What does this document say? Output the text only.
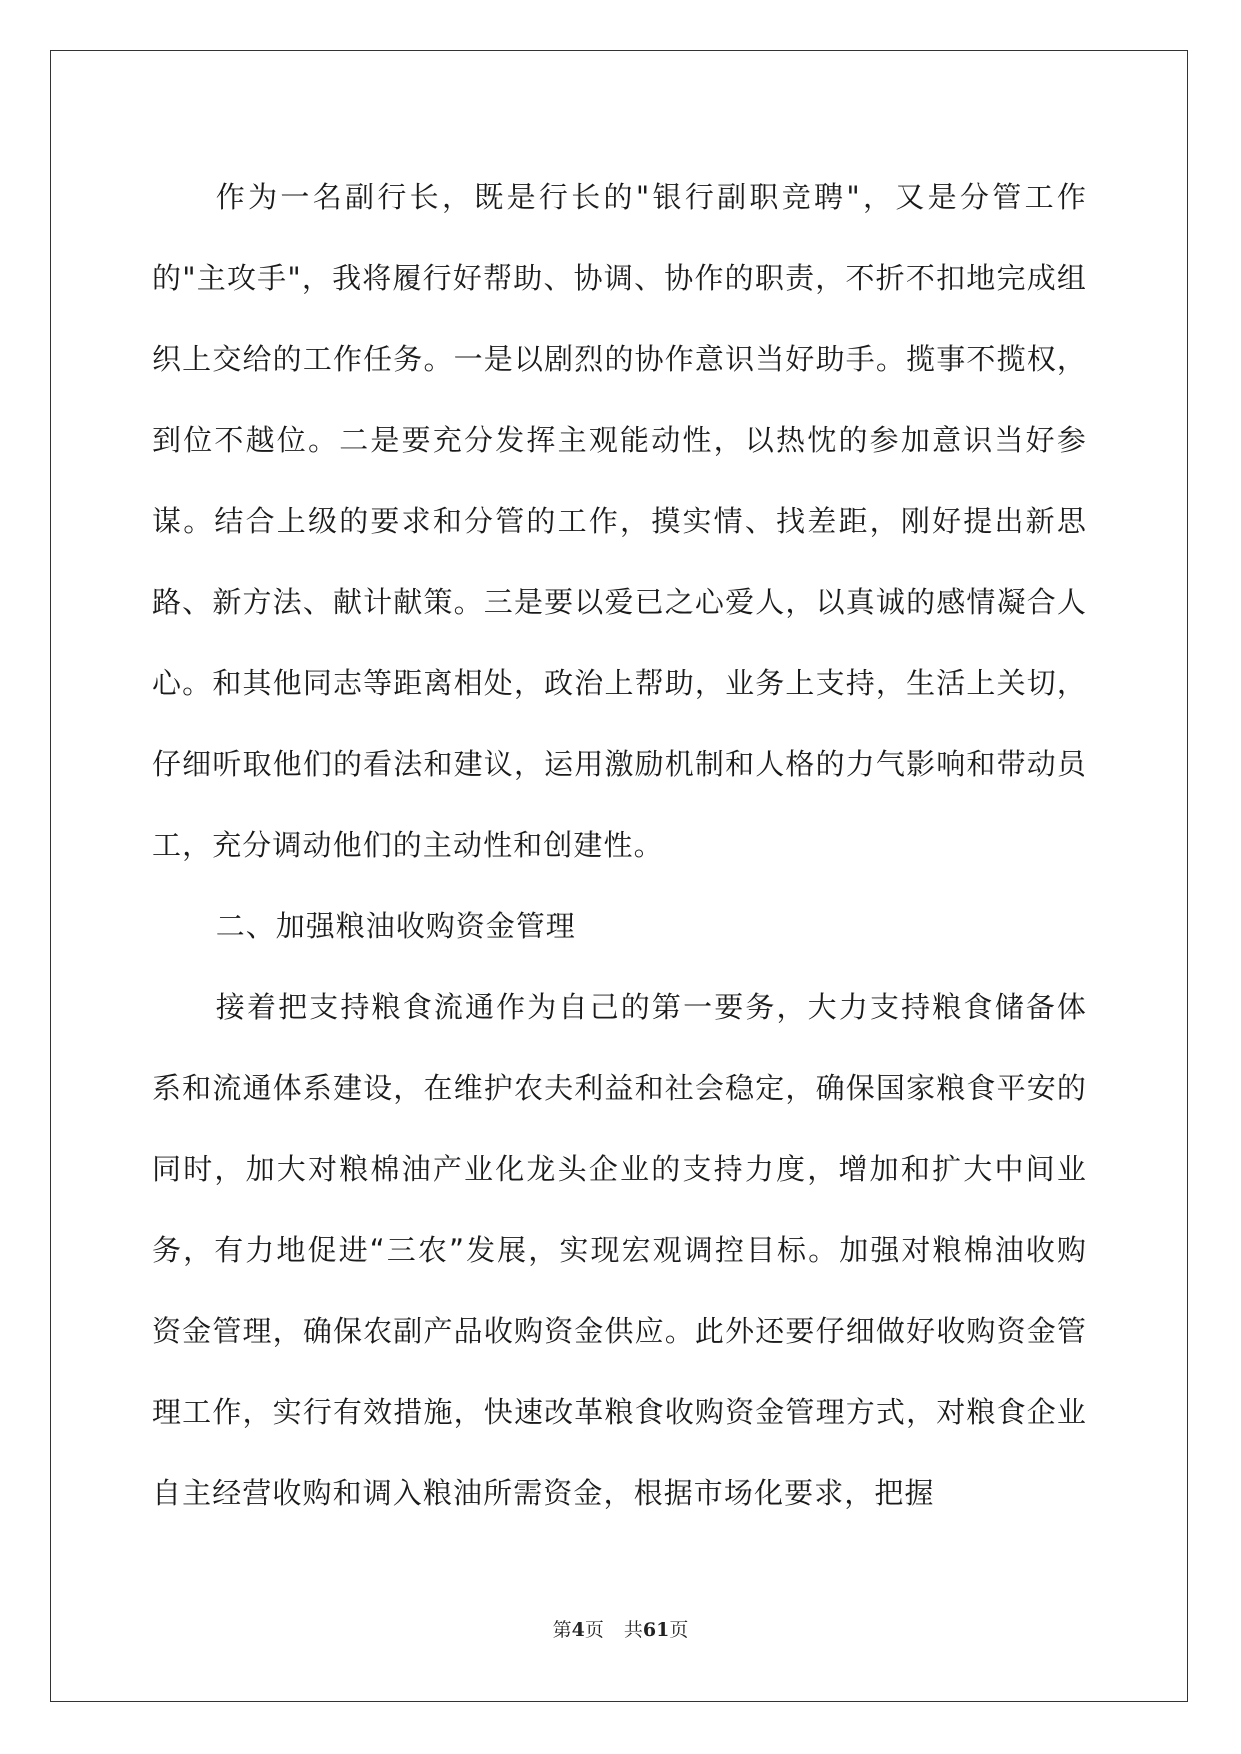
作为一名副行长，既是行长的"银行副职竞聘"，又是分管工作的"主攻手"，我将履行好帮助、协调、协作的职责，不折不扣地完成组织上交给的工作任务。一是以剧烈的协作意识当好助手。揽事不揽权，到位不越位。二是要充分发挥主观能动性，以热忱的参加意识当好参谋。结合上级的要求和分管的工作，摸实情、找差距，刚好提出新思路、新方法、献计献策。三是要以爱已之心爱人，以真诚的感情凝合人心。和其他同志等距离相处，政治上帮助，业务上支持，生活上关切，仔细听取他们的看法和建议，运用激励机制和人格的力气影响和带动员工，充分调动他们的主动性和创建性。

二、加强粮油收购资金管理

接着把支持粮食流通作为自己的第一要务，大力支持粮食储备体系和流通体系建设，在维护农夫利益和社会稳定，确保国家粮食平安的同时，加大对粮棉油产业化龙头企业的支持力度，增加和扩大中间业务，有力地促进“三农”发展，实现宏观调控目标。加强对粮棉油收购资金管理，确保农副产品收购资金供应。此外还要仔细做好收购资金管理工作，实行有效措施，快速改革粮食收购资金管理方式，对粮食企业自主经营收购和调入粮油所需资金，根据市场化要求，把握

第4页 共61页
